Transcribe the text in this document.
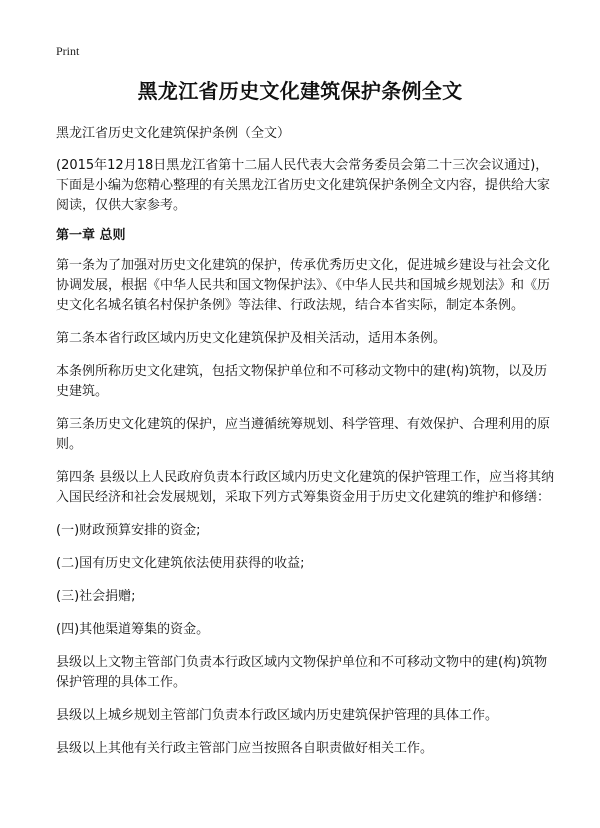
Print
黑龙江省历史文化建筑保护条例全文

黑龙江省历史文化建筑保护条例（全文）

(2015年12月18日黑龙江省第十二届人民代表大会常务委员会第二十三次会议通过)，下面是小编为您精心整理的有关黑龙江省历史文化建筑保护条例全文内容，提供给大家阅读，仅供大家参考。

第一章 总则

第一条为了加强对历史文化建筑的保护，传承优秀历史文化，促进城乡建设与社会文化协调发展，根据《中华人民共和国文物保护法》、《中华人民共和国城乡规划法》和《历史文化名城名镇名村保护条例》等法律、行政法规，结合本省实际，制定本条例。

第二条本省行政区域内历史文化建筑保护及相关活动，适用本条例。

本条例所称历史文化建筑，包括文物保护单位和不可移动文物中的建(构)筑物，以及历史建筑。

第三条历史文化建筑的保护，应当遵循统筹规划、科学管理、有效保护、合理利用的原则。

第四条 县级以上人民政府负责本行政区域内历史文化建筑的保护管理工作，应当将其纳入国民经济和社会发展规划，采取下列方式筹集资金用于历史文化建筑的维护和修缮：

(一)财政预算安排的资金;

(二)国有历史文化建筑依法使用获得的收益;

(三)社会捐赠;

(四)其他渠道筹集的资金。

县级以上文物主管部门负责本行政区域内文物保护单位和不可移动文物中的建(构)筑物保护管理的具体工作。

县级以上城乡规划主管部门负责本行政区域内历史建筑保护管理的具体工作。

县级以上其他有关行政主管部门应当按照各自职责做好相关工作。
